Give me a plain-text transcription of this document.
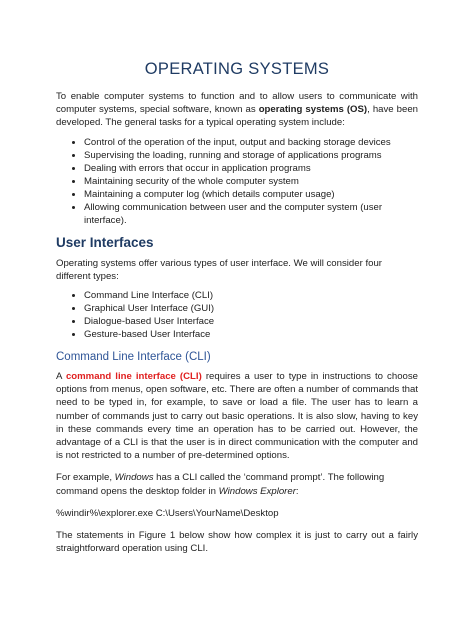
OPERATING SYSTEMS

To enable computer systems to function and to allow users to communicate with computer systems, special software, known as operating systems (OS), have been developed. The general tasks for a typical operating system include:

• Control of the operation of the input, output and backing storage devices
• Supervising the loading, running and storage of applications programs
• Dealing with errors that occur in application programs
• Maintaining security of the whole computer system
• Maintaining a computer log (which details computer usage)
• Allowing communication between user and the computer system (user interface).
User Interfaces

Operating systems offer various types of user interface. We will consider four different types:

• Command Line Interface (CLI)
• Graphical User Interface (GUI)
• Dialogue-based User Interface
• Gesture-based User Interface
Command Line Interface (CLI)

A command line interface (CLI) requires a user to type in instructions to choose options from menus, open software, etc. There are often a number of commands that need to be typed in, for example, to save or load a file. The user has to learn a number of commands just to carry out basic operations. It is also slow, having to key in these commands every time an operation has to be carried out. However, the advantage of a CLI is that the user is in direct communication with the computer and is not restricted to a number of pre-determined options.

For example, Windows has a CLI called the ‘command prompt’. The following command opens the desktop folder in Windows Explorer:

%windir%\explorer.exe C:\Users\YourName\Desktop

The statements in Figure 1 below show how complex it is just to carry out a fairly straightforward operation using CLI.
